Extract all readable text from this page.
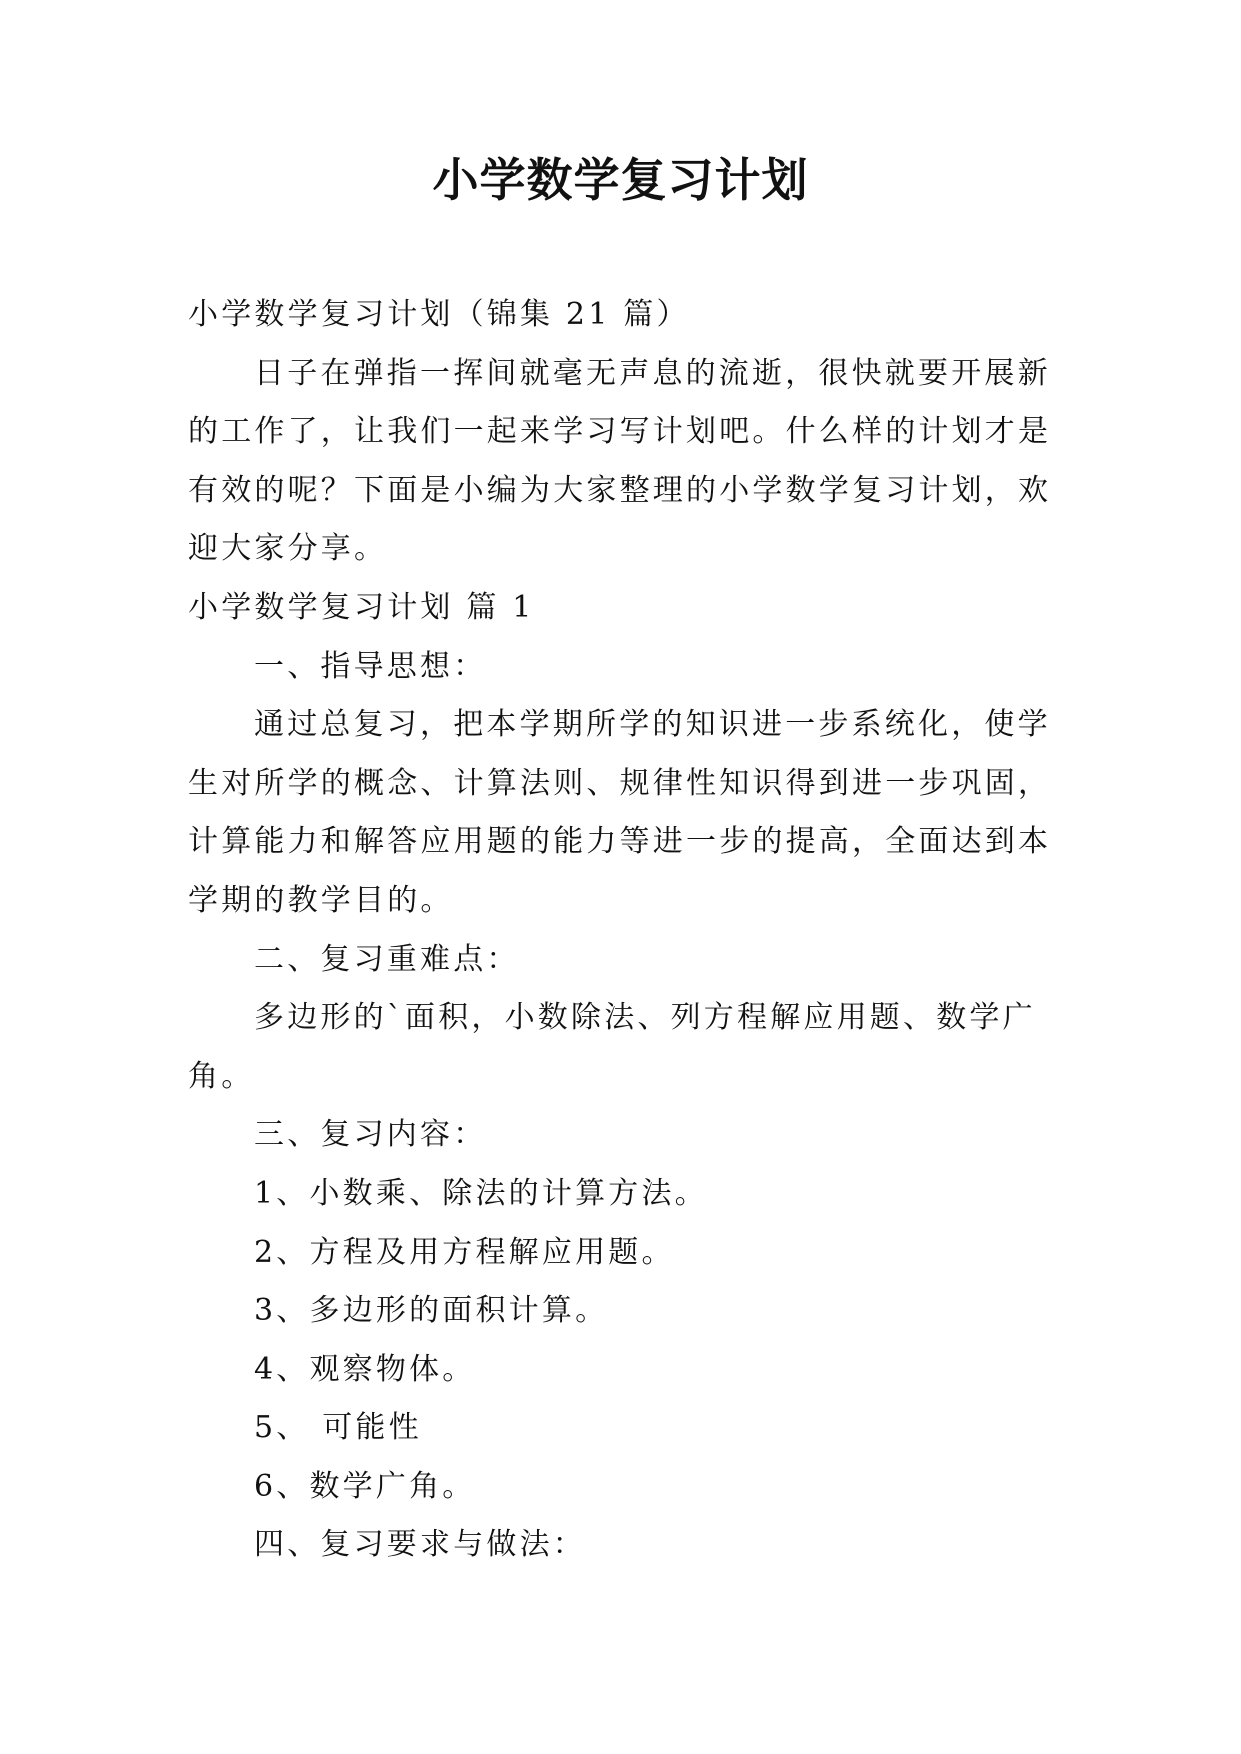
小学数学复习计划

小学数学复习计划（锦集 21 篇）

日子在弹指一挥间就毫无声息的流逝，很快就要开展新的工作了，让我们一起来学习写计划吧。什么样的计划才是有效的呢？下面是小编为大家整理的小学数学复习计划，欢迎大家分享。

小学数学复习计划 篇 1

一、指导思想：

通过总复习，把本学期所学的知识进一步系统化，使学生对所学的概念、计算法则、规律性知识得到进一步巩固，计算能力和解答应用题的能力等进一步的提高，全面达到本学期的教学目的。

二、复习重难点：

多边形的`面积，小数除法、列方程解应用题、数学广角。

三、复习内容：

1、小数乘、除法的计算方法。

2、方程及用方程解应用题。

3、多边形的面积计算。

4、观察物体。

5、 可能性

6、数学广角。

四、复习要求与做法：
